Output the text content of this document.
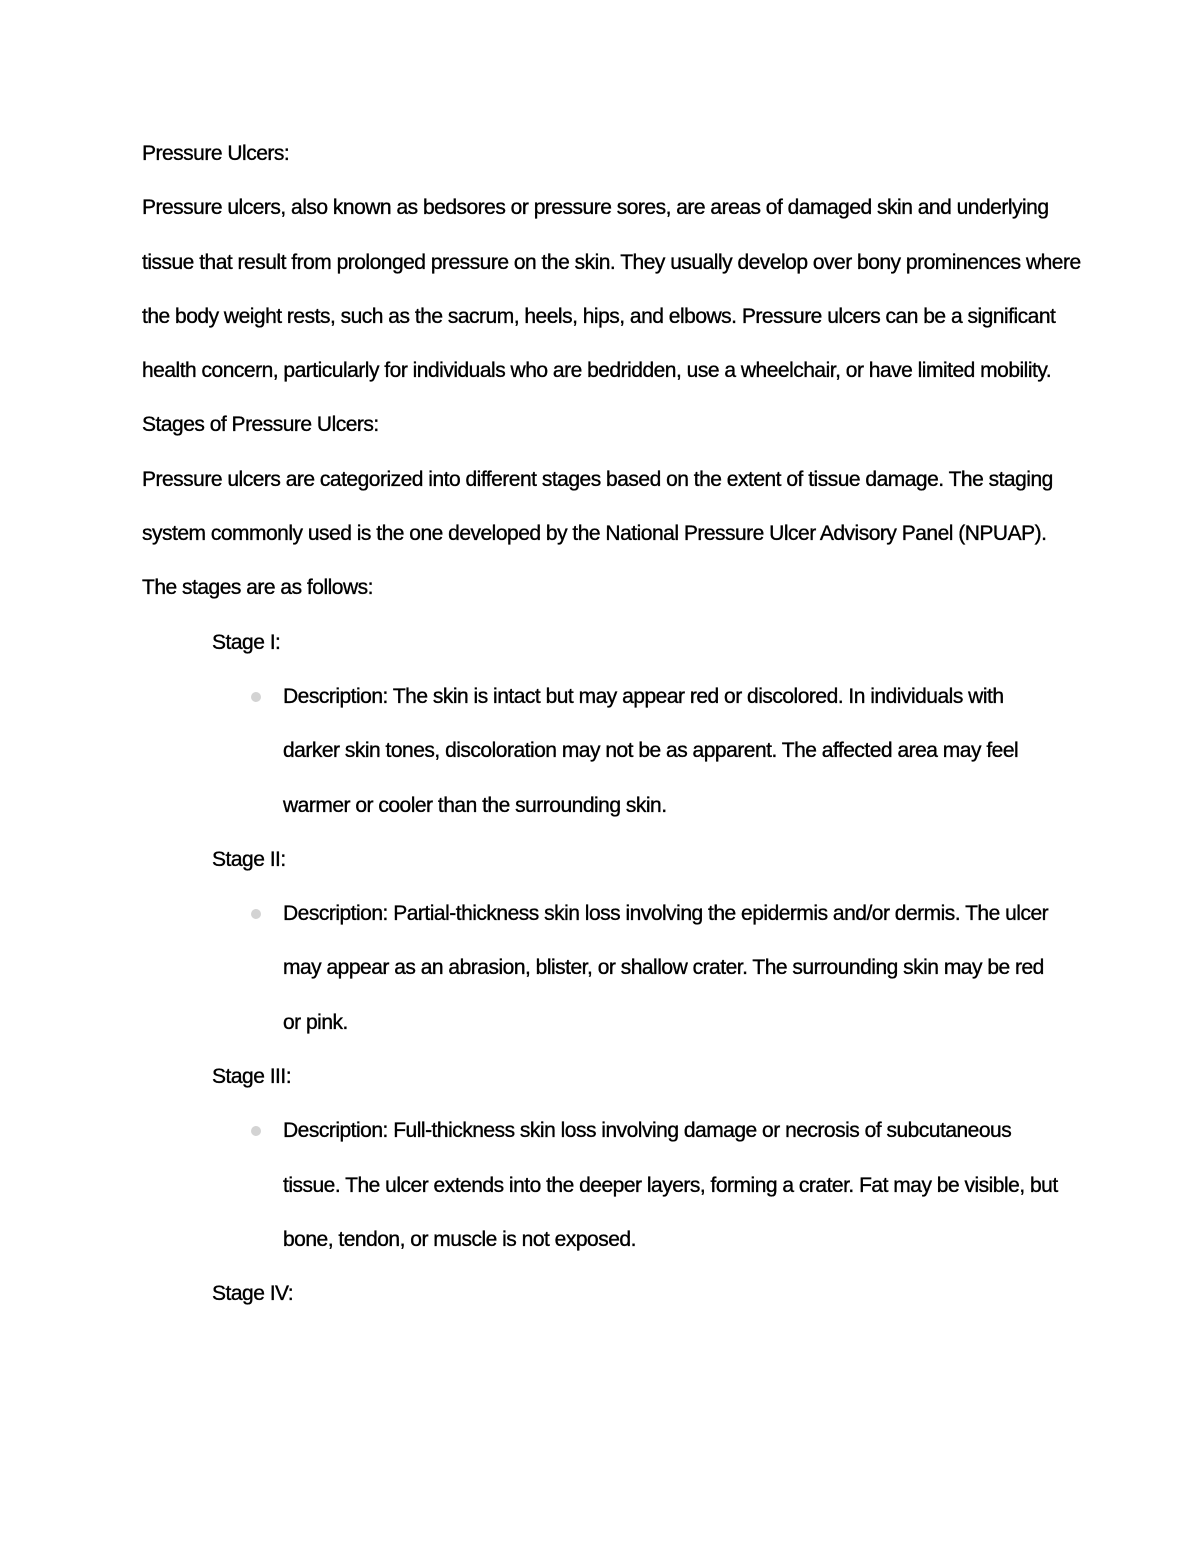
Pressure Ulcers:

Pressure ulcers, also known as bedsores or pressure sores, are areas of damaged skin and underlying tissue that result from prolonged pressure on the skin. They usually develop over bony prominences where the body weight rests, such as the sacrum, heels, hips, and elbows. Pressure ulcers can be a significant health concern, particularly for individuals who are bedridden, use a wheelchair, or have limited mobility.

Stages of Pressure Ulcers:

Pressure ulcers are categorized into different stages based on the extent of tissue damage. The staging system commonly used is the one developed by the National Pressure Ulcer Advisory Panel (NPUAP). The stages are as follows:

Stage I:

Description: The skin is intact but may appear red or discolored. In individuals with darker skin tones, discoloration may not be as apparent. The affected area may feel warmer or cooler than the surrounding skin.

Stage II:

Description: Partial-thickness skin loss involving the epidermis and/or dermis. The ulcer may appear as an abrasion, blister, or shallow crater. The surrounding skin may be red or pink.

Stage III:

Description: Full-thickness skin loss involving damage or necrosis of subcutaneous tissue. The ulcer extends into the deeper layers, forming a crater. Fat may be visible, but bone, tendon, or muscle is not exposed.

Stage IV:
